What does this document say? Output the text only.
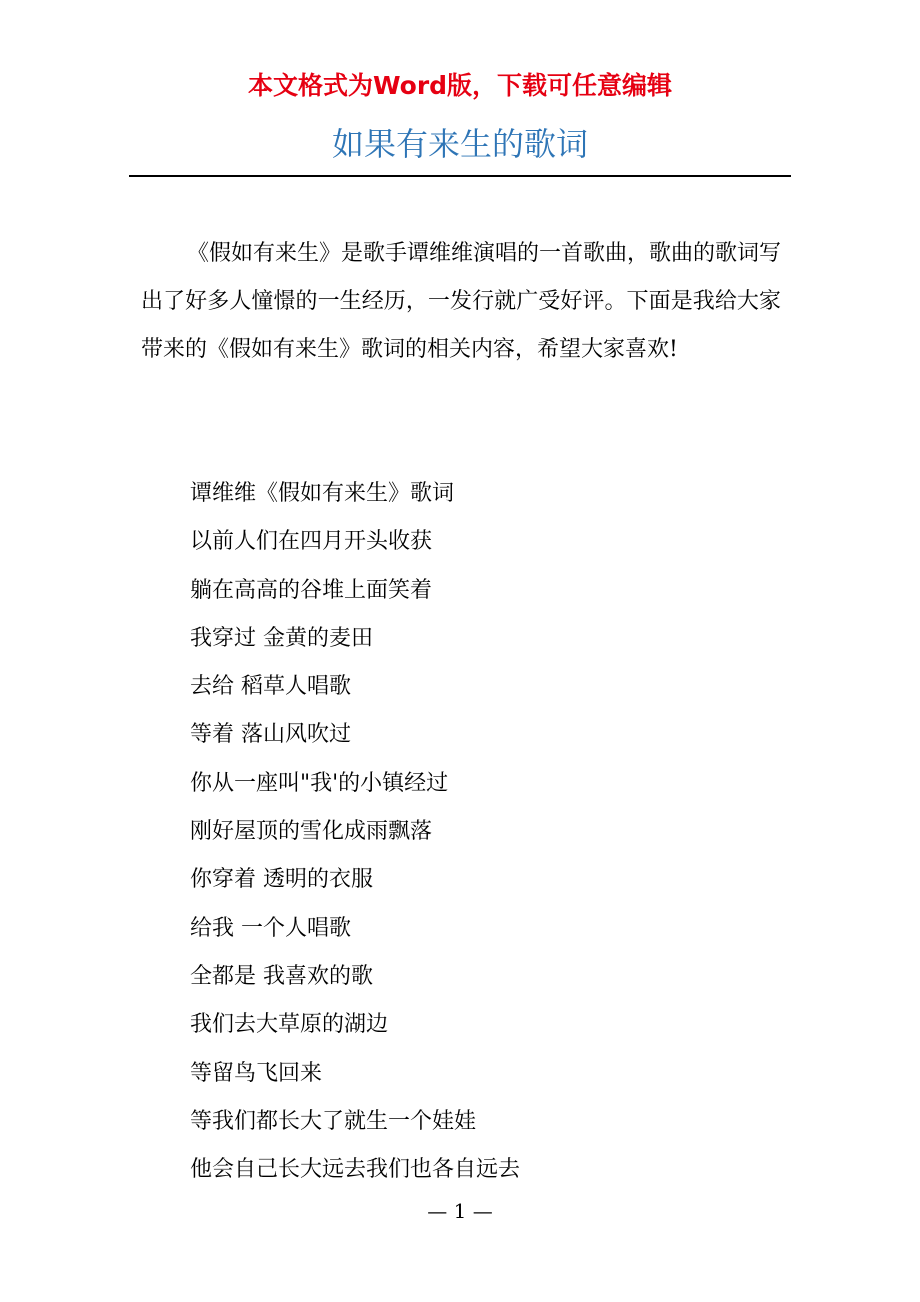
本文格式为Word版，下载可任意编辑
如果有来生的歌词

《假如有来生》是歌手谭维维演唱的一首歌曲，歌曲的歌词写出了好多人憧憬的一生经历，一发行就广受好评。下面是我给大家带来的《假如有来生》歌词的相关内容，希望大家喜欢!

谭维维《假如有来生》歌词
以前人们在四月开头收获
躺在高高的谷堆上面笑着
我穿过 金黄的麦田
去给 稻草人唱歌
等着 落山风吹过
你从一座叫"我'的小镇经过
刚好屋顶的雪化成雨飘落
你穿着 透明的衣服
给我 一个人唱歌
全都是 我喜欢的歌
我们去大草原的湖边
等留鸟飞回来
等我们都长大了就生一个娃娃
他会自己长大远去我们也各自远去
— 1 —
